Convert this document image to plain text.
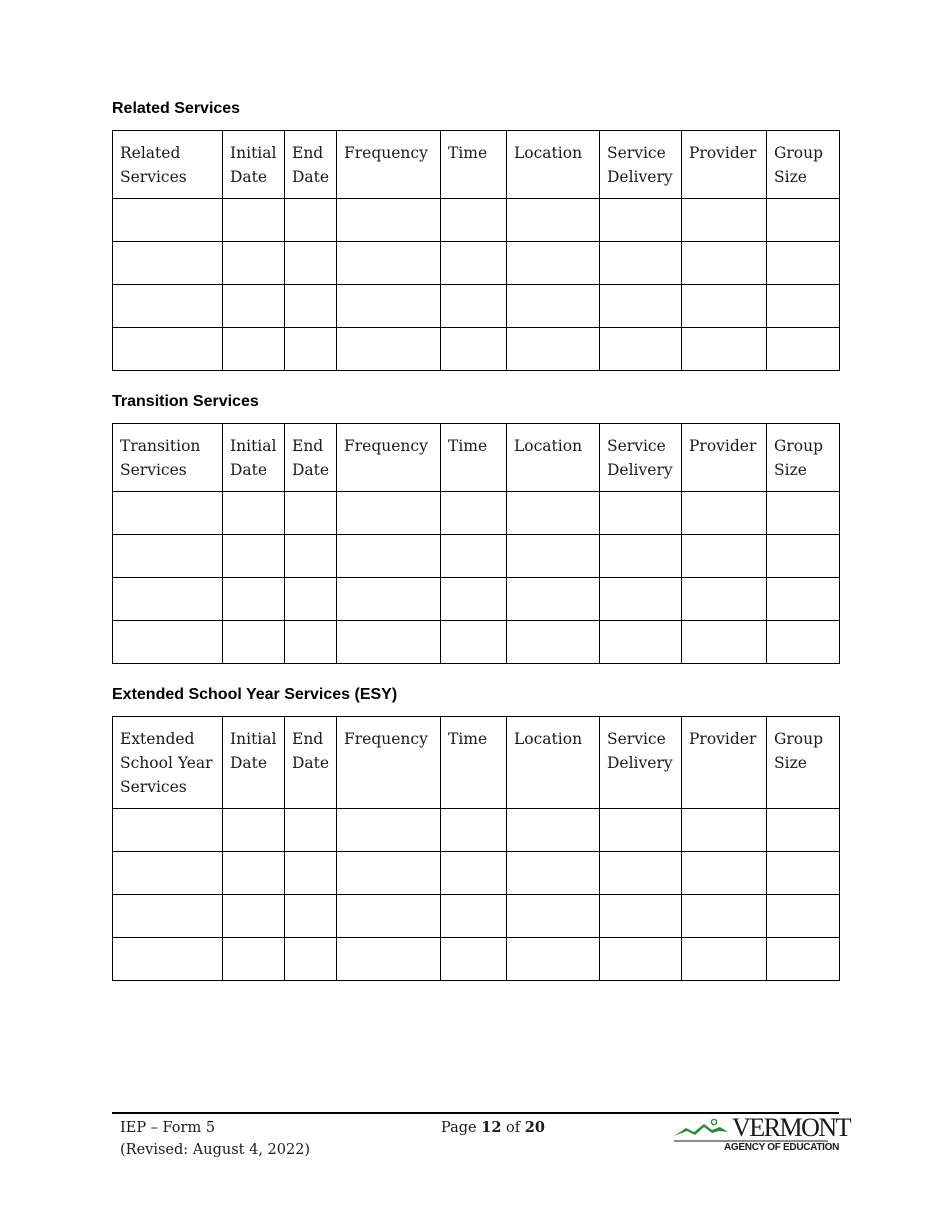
Related Services
Related Services	Initial Date	End Date	Frequency	Time	Location	Service Delivery	Provider	Group Size

Transition Services
Transition Services	Initial Date	End Date	Frequency	Time	Location	Service Delivery	Provider	Group Size

Extended School Year Services (ESY)
Extended School Year Services	Initial Date	End Date	Frequency	Time	Location	Service Delivery	Provider	Group Size

IEP – Form 5
(Revised: August 4, 2022)
Page 12 of 20	VERMONT
AGENCY OF EDUCATION
